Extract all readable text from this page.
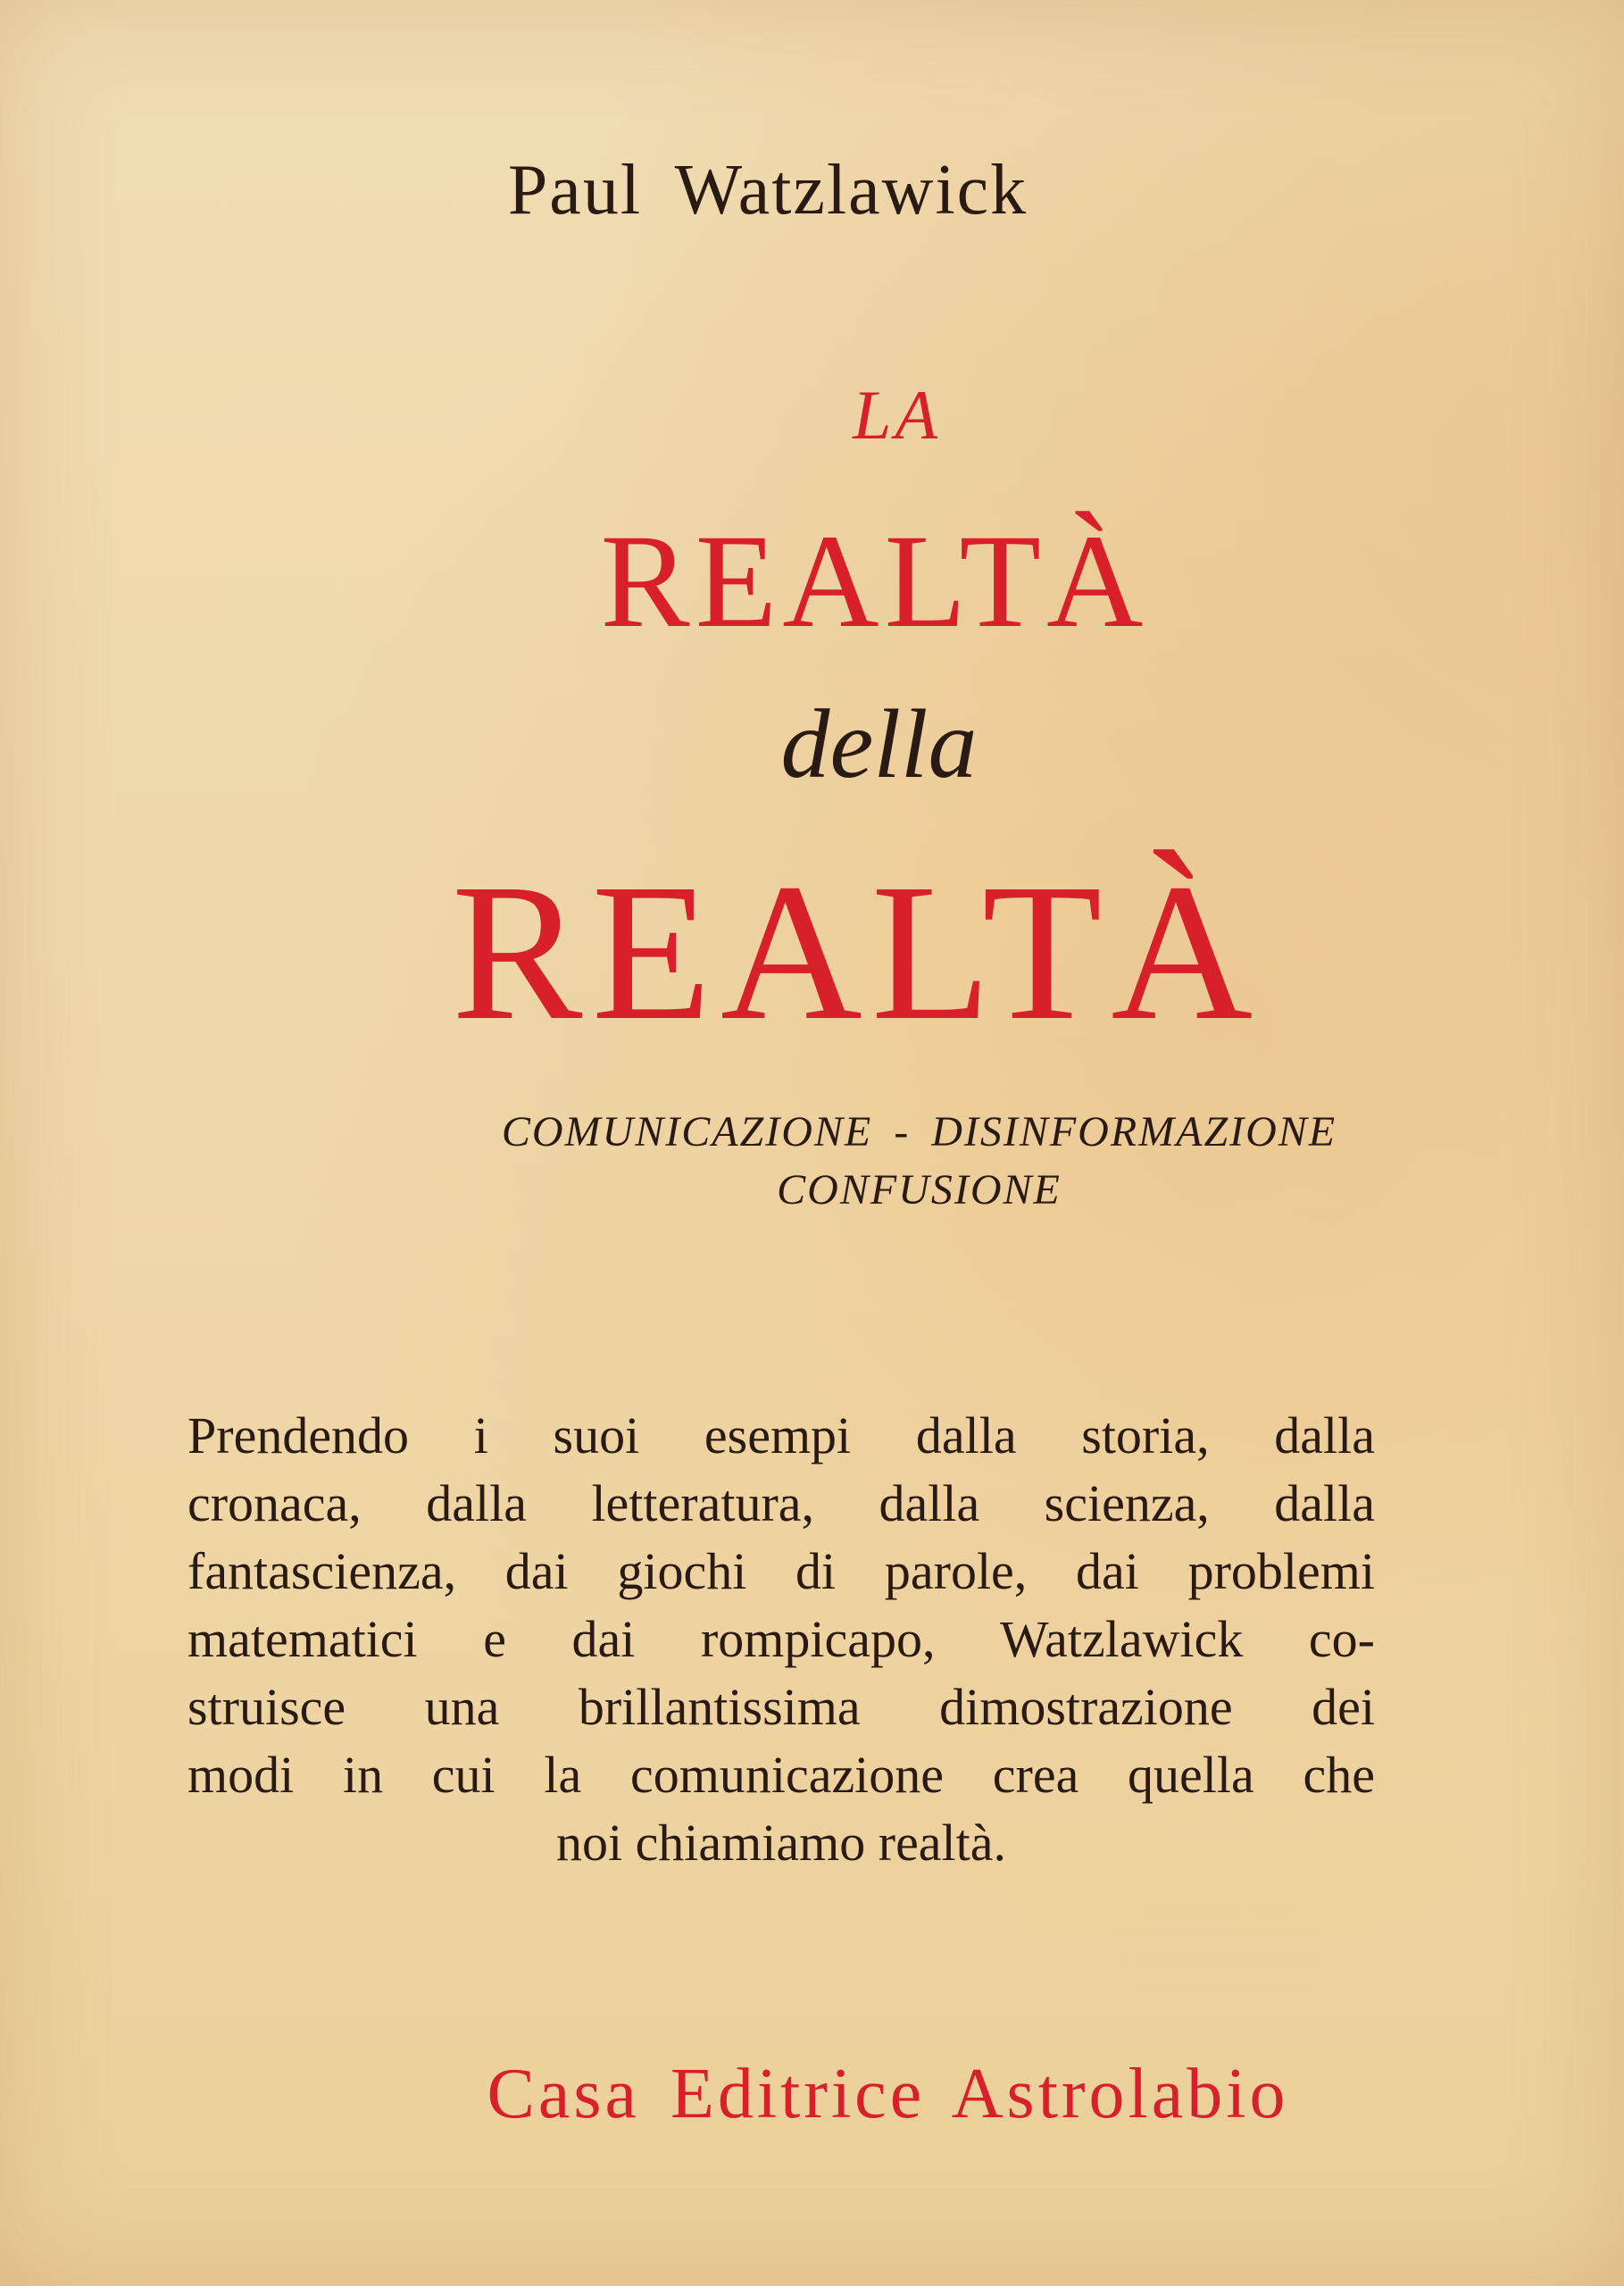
Paul Watzlawick
LA
REALTÀ
della
REALTÀ
COMUNICAZIONE - DISINFORMAZIONE
CONFUSIONE
Prendendo i suoi esempi dalla storia, dalla
cronaca, dalla letteratura, dalla scienza, dalla
fantascienza, dai giochi di parole, dai problemi
matematici e dai rompicapo, Watzlawick co-
struisce una brillantissima dimostrazione dei
modi in cui la comunicazione crea quella che
noi chiamiamo realtà.
Casa Editrice Astrolabio
